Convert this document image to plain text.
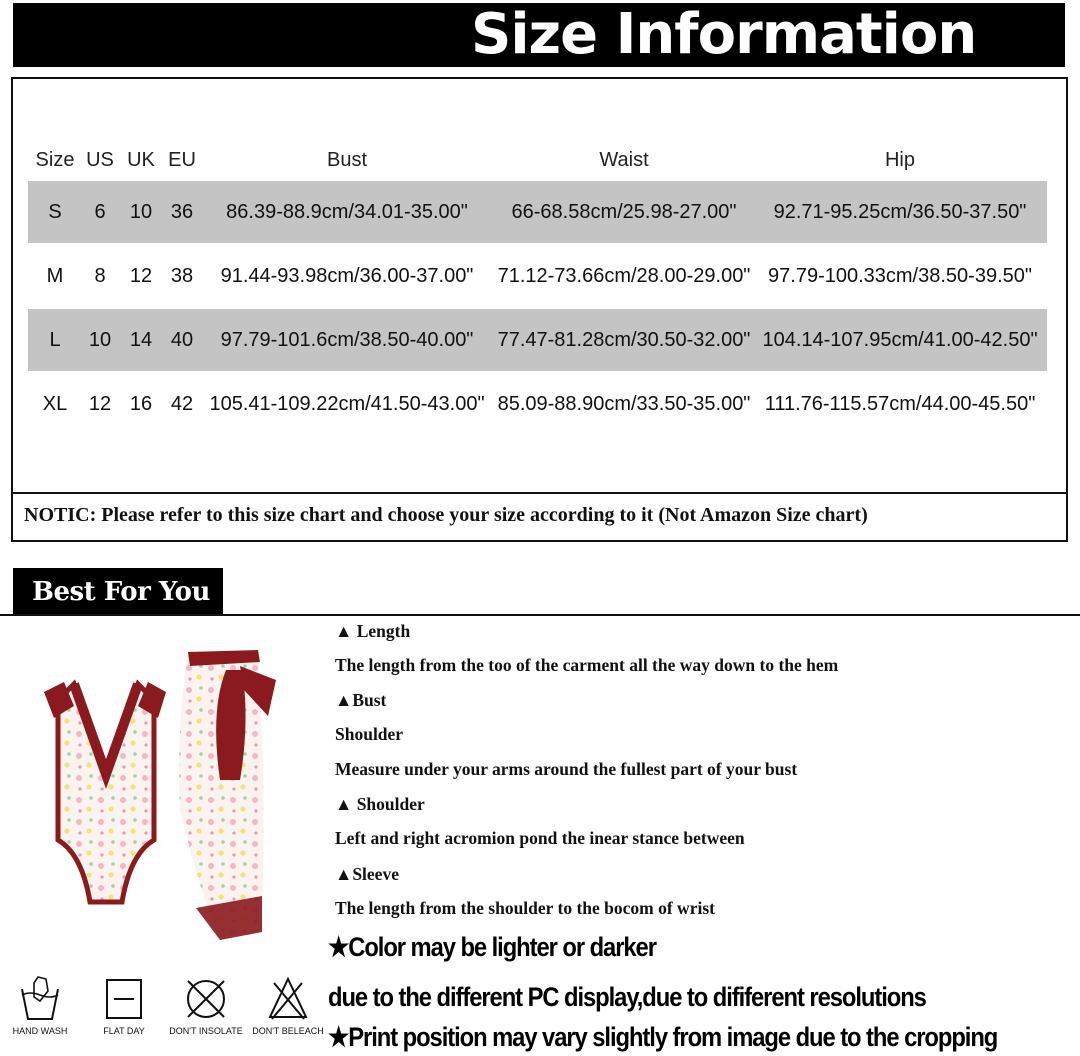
Size Information
Size US UK EU	Bust	Waist	Hip
S 6 10 36 86.39-88.9cm/34.01-35.00" 66-68.58cm/25.98-27.00" 92.71-95.25cm/36.50-37.50"
M 8 12 38 91.44-93.98cm/36.00-37.00" 71.12-73.66cm/28.00-29.00" 97.79-100.33cm/38.50-39.50"
L 10 14 40 97.79-101.6cm/38.50-40.00" 77.47-81.28cm/30.50-32.00" 104.14-107.95cm/41.00-42.50"
XL 12 16 42 105.41-109.22cm/41.50-43.00" 85.09-88.90cm/33.50-35.00" 111.76-115.57cm/44.00-45.50"
NOTIC: Please refer to this size chart and choose your size according to it (Not Amazon Size chart)
Best For You
▲ Length
The length from the too of the carment all the way down to the hem
▲Bust
Shoulder
Measure under your arms around the fullest part of your bust
▲ Shoulder
Left and right acromion pond the inear stance between
▲Sleeve
The length from the shoulder to the bocom of wrist
★Color may be lighter or darker
due to the different PC display,due to dififerent resolutions
★Print position may vary slightly from image due to the cropping
HAND WASH	FLAT DAY	DON'T INSOLATE	DON'T BELEACH
